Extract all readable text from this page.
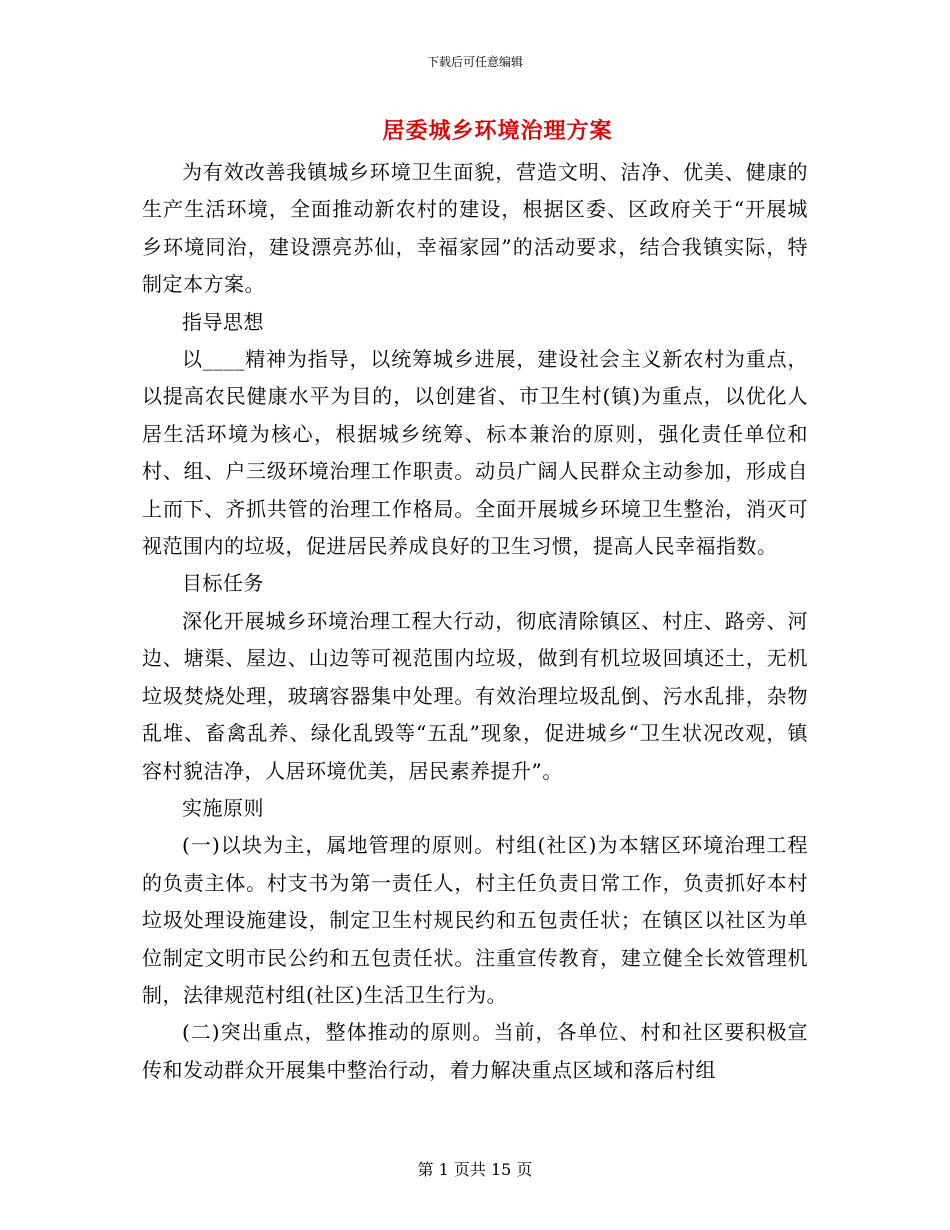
下载后可任意编辑
居委城乡环境治理方案

为有效改善我镇城乡环境卫生面貌，营造文明、洁净、优美、健康的生产生活环境，全面推动新农村的建设，根据区委、区政府关于“开展城乡环境同治，建设漂亮苏仙，幸福家园”的活动要求，结合我镇实际，特制定本方案。

指导思想

以____精神为指导，以统筹城乡进展，建设社会主义新农村为重点，以提高农民健康水平为目的，以创建省、市卫生村(镇)为重点，以优化人居生活环境为核心，根据城乡统筹、标本兼治的原则，强化责任单位和村、组、户三级环境治理工作职责。动员广阔人民群众主动参加，形成自上而下、齐抓共管的治理工作格局。全面开展城乡环境卫生整治，消灭可视范围内的垃圾，促进居民养成良好的卫生习惯，提高人民幸福指数。

目标任务

深化开展城乡环境治理工程大行动，彻底清除镇区、村庄、路旁、河边、塘渠、屋边、山边等可视范围内垃圾，做到有机垃圾回填还土，无机垃圾焚烧处理，玻璃容器集中处理。有效治理垃圾乱倒、污水乱排，杂物乱堆、畜禽乱养、绿化乱毁等“五乱”现象，促进城乡“卫生状况改观，镇容村貌洁净，人居环境优美，居民素养提升”。

实施原则

(一)以块为主，属地管理的原则。村组(社区)为本辖区环境治理工程的负责主体。村支书为第一责任人，村主任负责日常工作，负责抓好本村垃圾处理设施建设，制定卫生村规民约和五包责任状；在镇区以社区为单位制定文明市民公约和五包责任状。注重宣传教育，建立健全长效管理机制，法律规范村组(社区)生活卫生行为。

(二)突出重点，整体推动的原则。当前，各单位、村和社区要积极宣传和发动群众开展集中整治行动，着力解决重点区域和落后村组

第 1 页共 15 页
